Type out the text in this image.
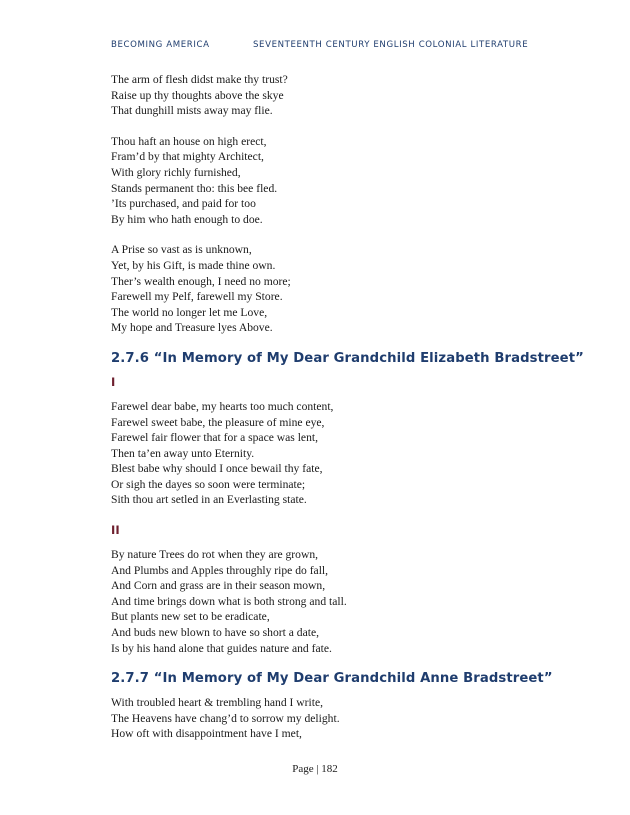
BECOMING AMERICA	SEVENTEENTH CENTURY ENGLISH COLONIAL LITERATURE
The arm of flesh didst make thy trust?
Raise up thy thoughts above the skye
That dunghill mists away may flie.
Thou haft an house on high erect,
Fram’d by that mighty Architect,
With glory richly furnished,
Stands permanent tho: this bee fled.
’Its purchased, and paid for too
By him who hath enough to doe.
A Prise so vast as is unknown,
Yet, by his Gift, is made thine own.
Ther’s wealth enough, I need no more;
Farewell my Pelf, farewell my Store.
The world no longer let me Love,
My hope and Treasure lyes Above.
2.7.6 “In Memory of My Dear Grandchild Elizabeth Bradstreet”
I
Farewel dear babe, my hearts too much content,
Farewel sweet babe, the pleasure of mine eye,
Farewel fair flower that for a space was lent,
Then ta’en away unto Eternity.
Blest babe why should I once bewail thy fate,
Or sigh the dayes so soon were terminate;
Sith thou art setled in an Everlasting state.
II
By nature Trees do rot when they are grown,
And Plumbs and Apples throughly ripe do fall,
And Corn and grass are in their season mown,
And time brings down what is both strong and tall.
But plants new set to be eradicate,
And buds new blown to have so short a date,
Is by his hand alone that guides nature and fate.
2.7.7 “In Memory of My Dear Grandchild Anne Bradstreet”
With troubled heart & trembling hand I write,
The Heavens have chang’d to sorrow my delight.
How oft with disappointment have I met,
Page | 182
